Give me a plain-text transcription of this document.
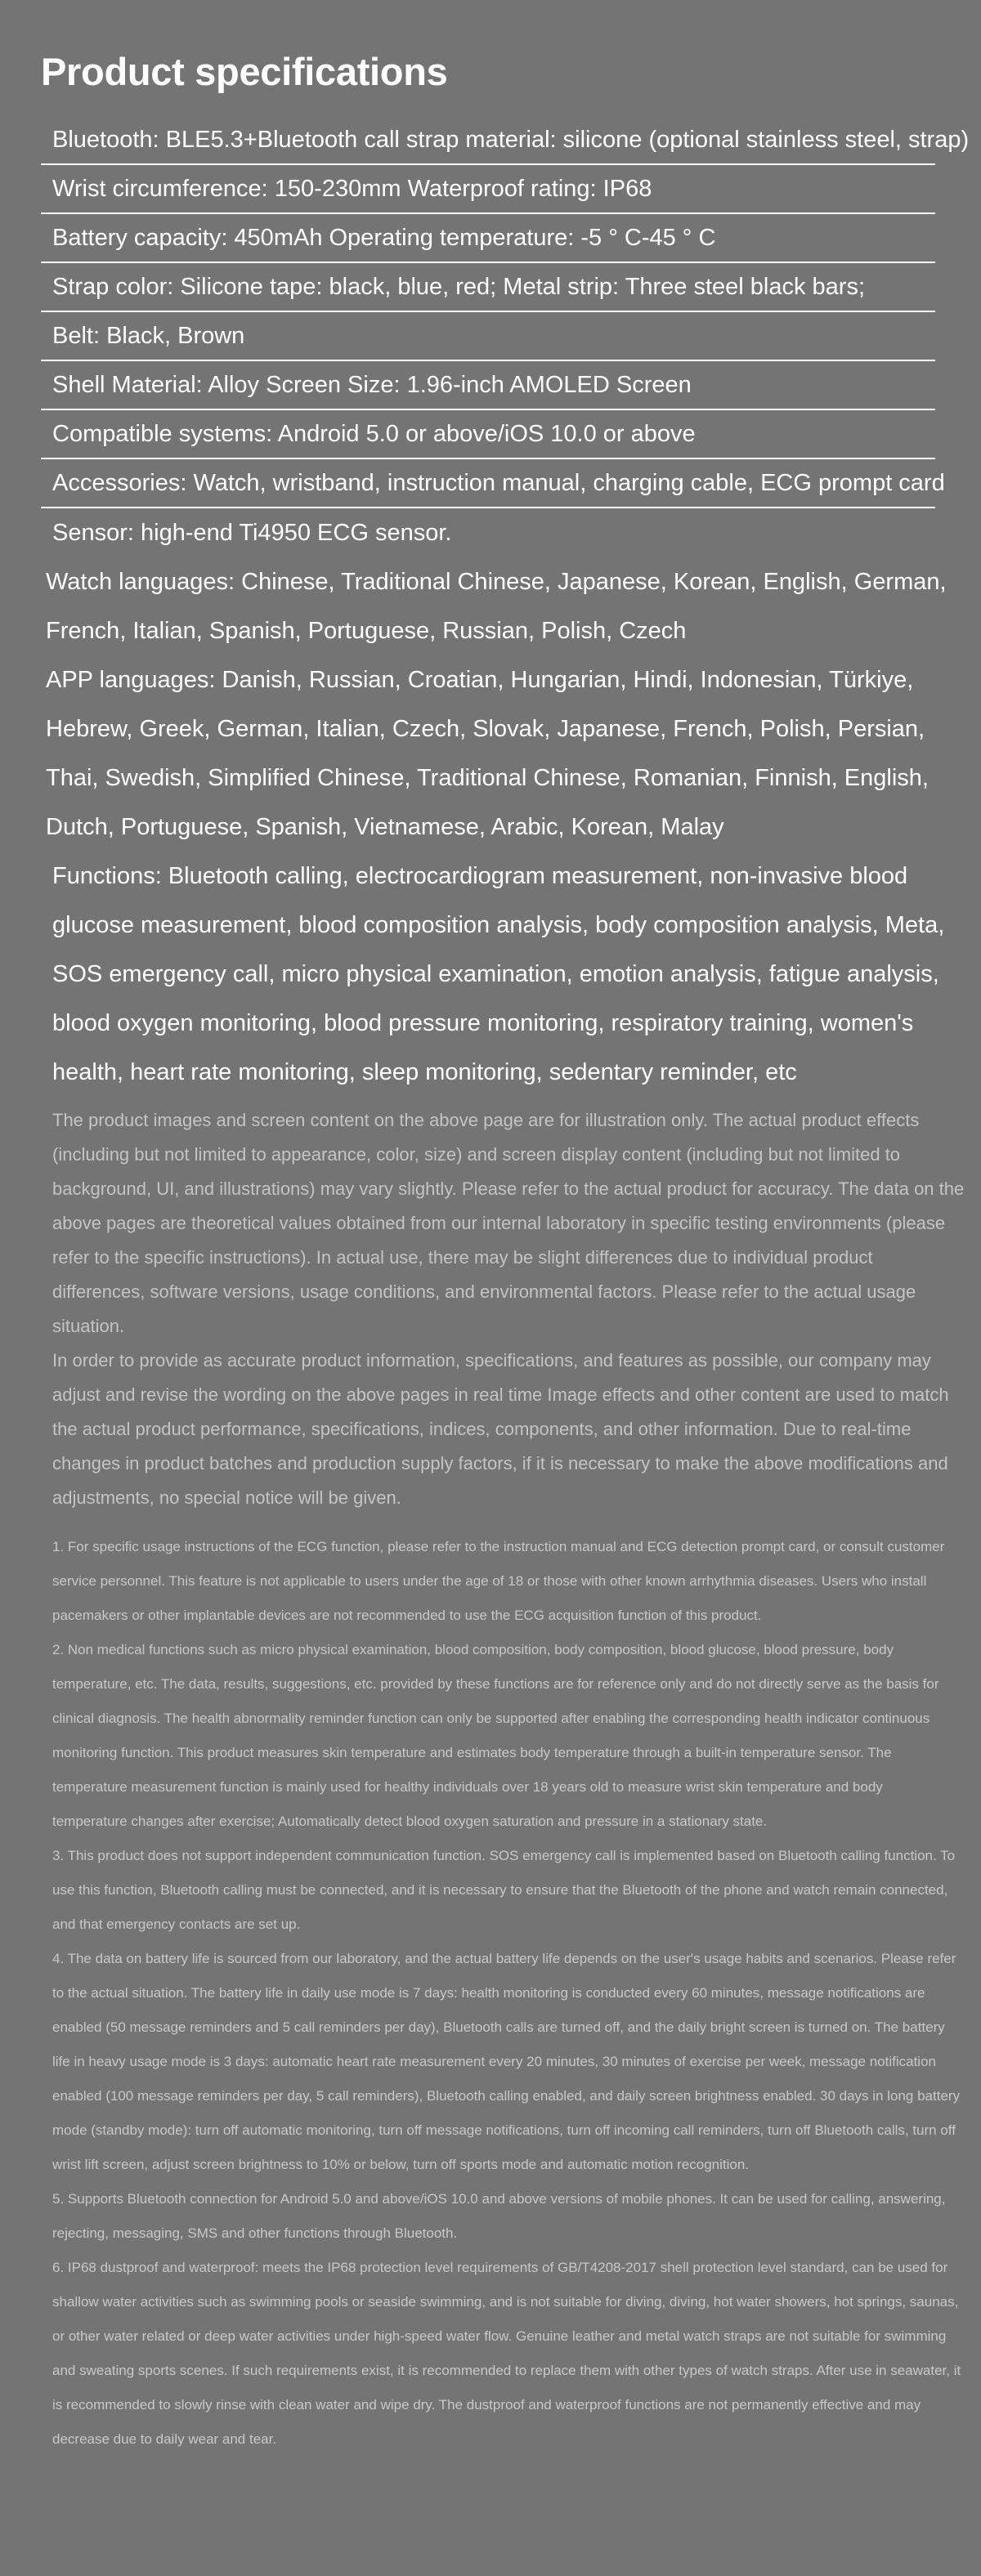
Product specifications
Bluetooth: BLE5.3+Bluetooth call strap material: silicone (optional stainless steel, strap)
Wrist circumference: 150-230mm Waterproof rating: IP68
Battery capacity: 450mAh Operating temperature: -5 ° C-45 ° C
Strap color: Silicone tape: black, blue, red; Metal strip: Three steel black bars;
Belt: Black, Brown
Shell Material: Alloy Screen Size: 1.96-inch AMOLED Screen
Compatible systems: Android 5.0 or above/iOS 10.0 or above
Accessories: Watch, wristband, instruction manual, charging cable, ECG prompt card
Sensor: high-end Ti4950 ECG sensor.

Watch languages: Chinese, Traditional Chinese, Japanese, Korean, English, German, French, Italian, Spanish, Portuguese, Russian, Polish, Czech

APP languages: Danish, Russian, Croatian, Hungarian, Hindi, Indonesian, Türkiye, Hebrew, Greek, German, Italian, Czech, Slovak, Japanese, French, Polish, Persian, Thai, Swedish, Simplified Chinese, Traditional Chinese, Romanian, Finnish, English, Dutch, Portuguese, Spanish, Vietnamese, Arabic, Korean, Malay

Functions: Bluetooth calling, electrocardiogram measurement, non-invasive blood glucose measurement, blood composition analysis, body composition analysis, Meta, SOS emergency call, micro physical examination, emotion analysis, fatigue analysis, blood oxygen monitoring, blood pressure monitoring, respiratory training, women's health, heart rate monitoring, sleep monitoring, sedentary reminder, etc

The product images and screen content on the above page are for illustration only. The actual product effects (including but not limited to appearance, color, size) and screen display content (including but not limited to background, UI, and illustrations) may vary slightly. Please refer to the actual product for accuracy. The data on the above pages are theoretical values obtained from our internal laboratory in specific testing environments (please refer to the specific instructions). In actual use, there may be slight differences due to individual product differences, software versions, usage conditions, and environmental factors. Please refer to the actual usage situation.

In order to provide as accurate product information, specifications, and features as possible, our company may adjust and revise the wording on the above pages in real time Image effects and other content are used to match the actual product performance, specifications, indices, components, and other information. Due to real-time changes in product batches and production supply factors, if it is necessary to make the above modifications and adjustments, no special notice will be given.

1. For specific usage instructions of the ECG function, please refer to the instruction manual and ECG detection prompt card, or consult customer service personnel. This feature is not applicable to users under the age of 18 or those with other known arrhythmia diseases. Users who install pacemakers or other implantable devices are not recommended to use the ECG acquisition function of this product.
2. Non medical functions such as micro physical examination, blood composition, body composition, blood glucose, blood pressure, body temperature, etc. The data, results, suggestions, etc. provided by these functions are for reference only and do not directly serve as the basis for clinical diagnosis. The health abnormality reminder function can only be supported after enabling the corresponding health indicator continuous monitoring function. This product measures skin temperature and estimates body temperature through a built-in temperature sensor. The temperature measurement function is mainly used for healthy individuals over 18 years old to measure wrist skin temperature and body temperature changes after exercise; Automatically detect blood oxygen saturation and pressure in a stationary state.
3. This product does not support independent communication function. SOS emergency call is implemented based on Bluetooth calling function. To use this function, Bluetooth calling must be connected, and it is necessary to ensure that the Bluetooth of the phone and watch remain connected, and that emergency contacts are set up.
4. The data on battery life is sourced from our laboratory, and the actual battery life depends on the user's usage habits and scenarios. Please refer to the actual situation. The battery life in daily use mode is 7 days: health monitoring is conducted every 60 minutes, message notifications are enabled (50 message reminders and 5 call reminders per day), Bluetooth calls are turned off, and the daily bright screen is turned on. The battery life in heavy usage mode is 3 days: automatic heart rate measurement every 20 minutes, 30 minutes of exercise per week, message notification enabled (100 message reminders per day, 5 call reminders), Bluetooth calling enabled, and daily screen brightness enabled. 30 days in long battery mode (standby mode): turn off automatic monitoring, turn off message notifications, turn off incoming call reminders, turn off Bluetooth calls, turn off wrist lift screen, adjust screen brightness to 10% or below, turn off sports mode and automatic motion recognition.
5. Supports Bluetooth connection for Android 5.0 and above/iOS 10.0 and above versions of mobile phones. It can be used for calling, answering, rejecting, messaging, SMS and other functions through Bluetooth.
6. IP68 dustproof and waterproof: meets the IP68 protection level requirements of GB/T4208-2017 shell protection level standard, can be used for shallow water activities such as swimming pools or seaside swimming, and is not suitable for diving, diving, hot water showers, hot springs, saunas, or other water related or deep water activities under high-speed water flow. Genuine leather and metal watch straps are not suitable for swimming and sweating sports scenes. If such requirements exist, it is recommended to replace them with other types of watch straps. After use in seawater, it is recommended to slowly rinse with clean water and wipe dry. The dustproof and waterproof functions are not permanently effective and may decrease due to daily wear and tear.
